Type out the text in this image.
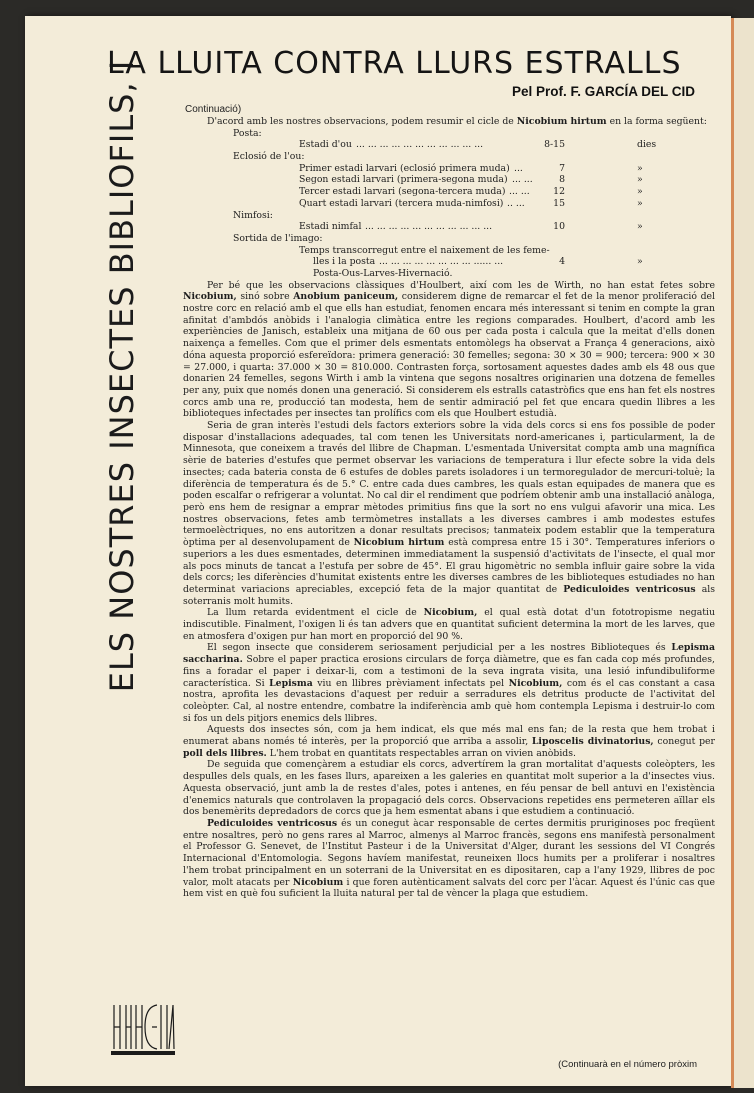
ELS NOSTRES INSECTES BIBLIOFILS, I
LA LLUITA CONTRA LLURS ESTRALLS
Pel Prof. F. GARCÍA DEL CID
Continuació)

D'acord amb les nostres observacions, podem resumir el cicle de Nicobium hirtum en la forma següent:

Posta:
Estadi d'ou ... ... ... ... ... ... ... ... ... ... ...	8-15	dies
Eclosió de l'ou:
Primer estadi larvari (eclosió primera muda) ...	7	»
Segon estadi larvari (primera-segona muda) ... ...	8	»
Tercer estadi larvari (segona-tercera muda) ... ...	12	»
Quart estadi larvari (tercera muda-nimfosi) .. ...	15	»
Nimfosi:
Estadi nimfal ... ... ... ... ... ... ... ... ... ... ...	10	»
Sortida de l'imago:
Temps transcorregut entre el naixement de les feme-
lles i la posta ... ... ... ... ... ... ... ... ...... ...	4	»
Posta-Ous-Larves-Hivernació.

Per bé que les observacions clàssiques d'Houlbert, així com les de Wirth, no han estat fetes sobre Nicobium, sinó sobre Anobium paniceum, considerem digne de remarcar el fet de la menor proliferació del nostre corc en relació amb el que ells han estudiat, fenomen encara més interessant si tenim en compte la gran afinitat d'ambdós anòbids i l'analogia climàtica entre les regions comparades. Houlbert, d'acord amb les experiències de Janisch, estableix una mitjana de 60 ous per cada posta i calcula que la meitat d'ells donen naixença a femelles. Com que el primer dels esmentats entomòlegs ha observat a França 4 generacions, això dóna aquesta proporció esfereïdora: primera generació: 30 femelles; segona: 30 × 30 = 900; tercera: 900 × 30 = 27.000, i quarta: 37.000 × 30 = 810.000. Contrasten força, sortosament aquestes dades amb els 48 ous que donarien 24 femelles, segons Wirth i amb la vintena que segons nosaltres originarien una dotzena de femelles per any, puix que només donen una generació. Si considerem els estralls catastròfics que ens han fet els nostres corcs amb una re, producció tan modesta, hem de sentir admiració pel fet que encara quedin llibres a les biblioteques infectades per insectes tan prolífics com els que Houlbert estudià.

Seria de gran interès l'estudi dels factors exteriors sobre la vida dels corcs si ens fos possible de poder disposar d'installacions adequades, tal com tenen les Universitats nord-americanes i, particularment, la de Minnesota, que coneixem a través del llibre de Chapman. L'esmentada Universitat compta amb una magnífica sèrie de bateries d'estufes que permet observar les variacions de temperatura i llur efecte sobre la vida dels insectes; cada bateria consta de 6 estufes de dobles parets isoladores i un termoregulador de mercuri-toluè; la diferència de temperatura és de 5.° C. entre cada dues cambres, les quals estan equipades de manera que es poden escalfar o refrigerar a voluntat. No cal dir el rendiment que podríem obtenir amb una installació anàloga, però ens hem de resignar a emprar mètodes primitius fins que la sort no ens vulgui afavorir una mica. Les nostres observacions, fetes amb termòmetres installats a les diverses cambres i amb modestes estufes termoelèctriques, no ens autoritzen a donar resultats precisos; tanmateix podem establir que la temperatura òptima per al desenvolupament de Nicobium hirtum està compresa entre 15 i 30°. Temperatures inferiors o superiors a les dues esmentades, determinen immediatament la suspensió d'activitats de l'insecte, el qual mor als pocs minuts de tancat a l'estufa per sobre de 45°. El grau higomètric no sembla influir gaire sobre la vida dels corcs; les diferències d'humitat existents entre les diverses cambres de les biblioteques estudiades no han determinat variacions apreciables, excepció feta de la major quantitat de Pediculoides ventricosus als soterranis molt humits.

La llum retarda evidentment el cicle de Nicobium, el qual està dotat d'un fototropisme negatiu indiscutible. Finalment, l'oxigen li és tan advers que en quantitat suficient determina la mort de les larves, que en atmosfera d'oxigen pur han mort en proporció del 90 %.

El segon insecte que considerem seriosament perjudicial per a les nostres Biblioteques és Lepisma saccharina. Sobre el paper practica erosions circulars de força diàmetre, que es fan cada cop més profundes, fins a foradar el paper i deixar-li, com a testimoni de la seva ingrata visita, una lesió infundibuliforme característica. Si Lepisma viu en llibres prèviament infectats pel Nicobium, com és el cas constant a casa nostra, aprofita les devastacions d'aquest per reduir a serradures els detritus producte de l'activitat del coleòpter. Cal, al nostre entendre, combatre la indiferència amb què hom contempla Lepisma i destruir-lo com si fos un dels pitjors enemics dels llibres.

Aquests dos insectes són, com ja hem indicat, els que més mal ens fan; de la resta que hem trobat i enumerat abans només té interès, per la proporció que arriba a assolir, Liposcelis divinatorius, conegut per poll dels llibres. L'hem trobat en quantitats respectables arran on vivien anòbids.

De seguida que començàrem a estudiar els corcs, advertírem la gran mortalitat d'aquests coleòpters, les despulles dels quals, en les fases llurs, apareixen a les galeries en quantitat molt superior a la d'insectes vius. Aquesta observació, junt amb la de restes d'ales, potes i antenes, en féu pensar de bell antuvi en l'existència d'enemics naturals que controlaven la propagació dels corcs. Observacions repetides ens permeteren aïllar els dos benemèrits depredadors de corcs que ja hem esmentat abans i que estudiem a continuació.

Pediculoides ventricosus és un conegut àcar responsable de certes dermitis pruriginoses poc freqüent entre nosaltres, però no gens rares al Marroc, almenys al Marroc francès, segons ens manifestà personalment el Professor G. Senevet, de l'Institut Pasteur i de la Universitat d'Alger, durant les sessions del VI Congrés Internacional d'Entomologia. Segons havíem manifestat, reuneixen llocs humits per a proliferar i nosaltres l'hem trobat principalment en un soterrani de la Universitat en es dipositaren, cap a l'any 1929, llibres de poc valor, molt atacats per Nicobium i que foren autènticament salvats del corc per l'àcar. Aquest és l'únic cas que hem vist en què fou suficient la lluita natural per tal de vèncer la plaga que estudiem.

(Continuarà en el número pròxim
